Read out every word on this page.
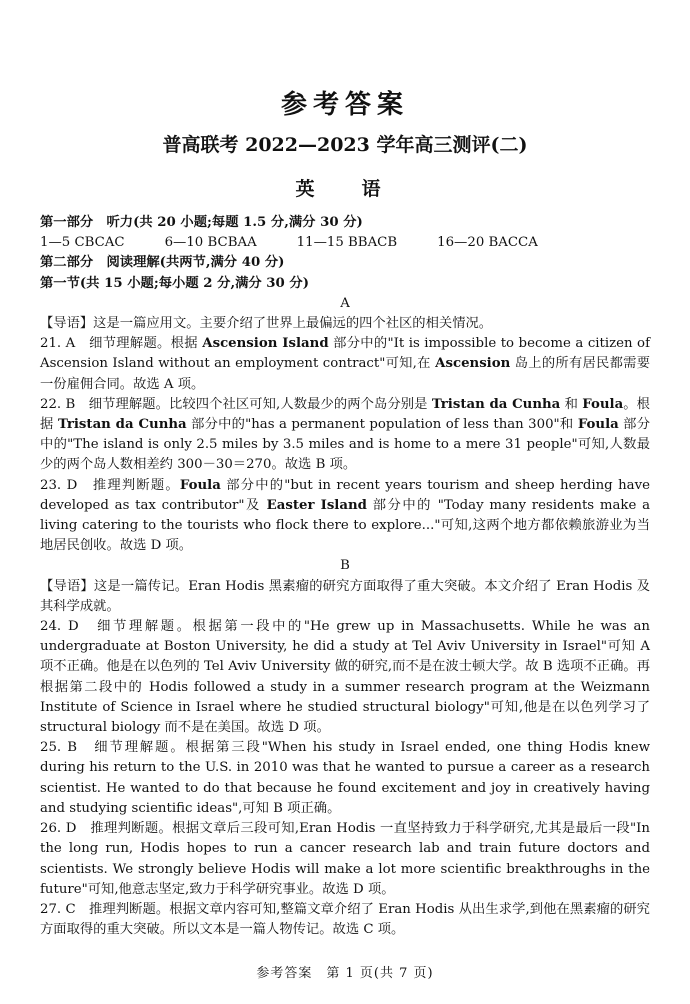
参考答案
普高联考 2022—2023 学年高三测评(二)
英　语

第一部分　听力(共 20 小题;每题 1.5 分,满分 30 分)

1—5 CBCAC	6—10 BCBAA	11—15 BBACB	16—20 BACCA

第二部分　阅读理解(共两节,满分 40 分)

第一节(共 15 小题;每小题 2 分,满分 30 分)

A

【导语】这是一篇应用文。主要介绍了世界上最偏远的四个社区的相关情况。

21. A　细节理解题。根据 Ascension Island 部分中的"It is impossible to become a citizen of Ascension Island without an employment contract"可知,在 Ascension 岛上的所有居民都需要一份雇佣合同。故选 A 项。

22. B　细节理解题。比较四个社区可知,人数最少的两个岛分别是 Tristan da Cunha 和 Foula。根据 Tristan da Cunha 部分中的"has a permanent population of less than 300"和 Foula 部分中的"The island is only 2.5 miles by 3.5 miles and is home to a mere 31 people"可知,人数最少的两个岛人数相差约 300－30＝270。故选 B 项。

23. D　推理判断题。Foula 部分中的"but in recent years tourism and sheep herding have developed as tax contributor"及 Easter Island 部分中的 "Today many residents make a living catering to the tourists who flock there to explore..."可知,这两个地方都依赖旅游业为当地居民创收。故选 D 项。

B

【导语】这是一篇传记。Eran Hodis 黑素瘤的研究方面取得了重大突破。本文介绍了 Eran Hodis 及其科学成就。

24. D　细节理解题。根据第一段中的"He grew up in Massachusetts. While he was an undergraduate at Boston University, he did a study at Tel Aviv University in Israel"可知 A 项不正确。他是在以色列的 Tel Aviv University 做的研究,而不是在波士顿大学。故 B 选项不正确。再根据第二段中的 Hodis followed a study in a summer research program at the Weizmann Institute of Science in Israel where he studied structural biology"可知,他是在以色列学习了 structural biology 而不是在美国。故选 D 项。

25. B　细节理解题。根据第三段"When his study in Israel ended, one thing Hodis knew during his return to the U.S. in 2010 was that he wanted to pursue a career as a research scientist. He wanted to do that because he found excitement and joy in creatively having and studying scientific ideas",可知 B 项正确。

26. D　推理判断题。根据文章后三段可知,Eran Hodis 一直坚持致力于科学研究,尤其是最后一段"In the long run, Hodis hopes to run a cancer research lab and train future doctors and scientists. We strongly believe Hodis will make a lot more scientific breakthroughs in the future"可知,他意志坚定,致力于科学研究事业。故选 D 项。

27. C　推理判断题。根据文章内容可知,整篇文章介绍了 Eran Hodis 从出生求学,到他在黑素瘤的研究方面取得的重大突破。所以文本是一篇人物传记。故选 C 项。

参考答案　第 1 页(共 7 页)
